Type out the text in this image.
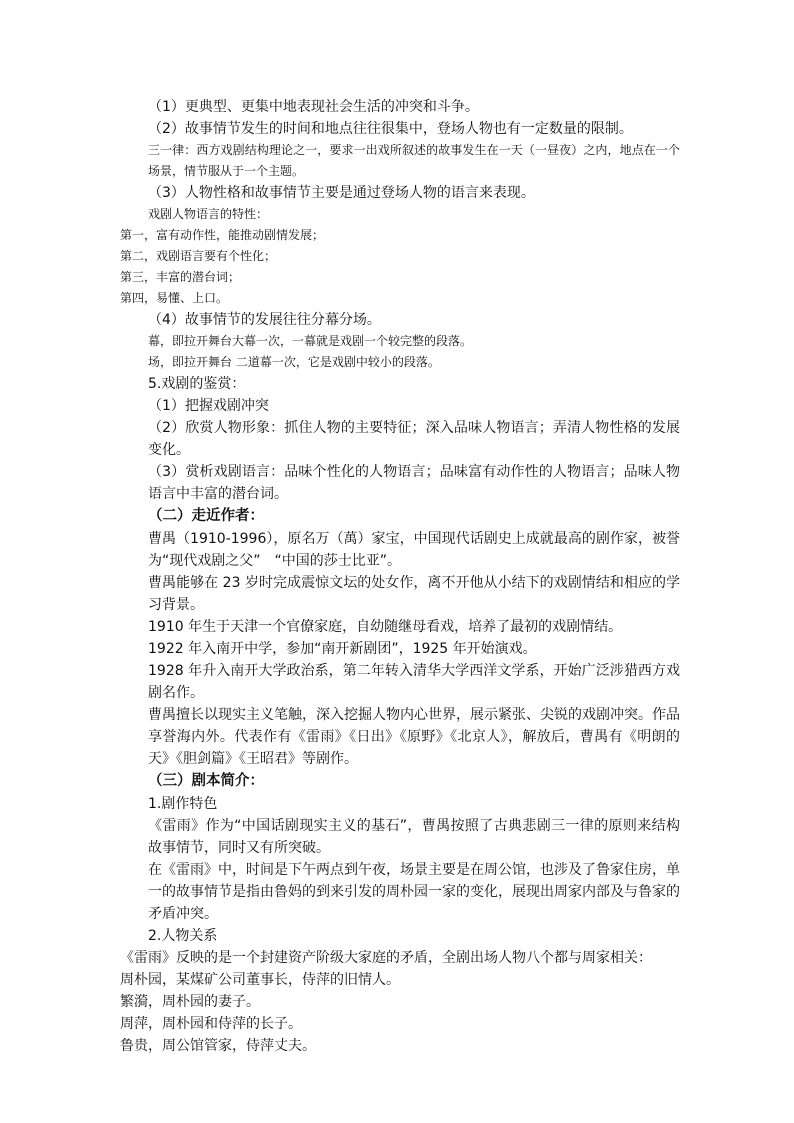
（1）更典型、更集中地表现社会生活的冲突和斗争。

（2）故事情节发生的时间和地点往往很集中，登场人物也有一定数量的限制。

三一律：西方戏剧结构理论之一，要求一出戏所叙述的故事发生在一天（一昼夜）之内，地点在一个场景，情节服从于一个主题。

（3）人物性格和故事情节主要是通过登场人物的语言来表现。

戏剧人物语言的特性：

第一，富有动作性，能推动剧情发展；

第二，戏剧语言要有个性化；

第三，丰富的潜台词；

第四，易懂、上口。

（4）故事情节的发展往往分幕分场。

幕，即拉开舞台大幕一次，一幕就是戏剧一个较完整的段落。

场，即拉开舞台 二道幕一次，它是戏剧中较小的段落。

5.戏剧的鉴赏：

（1）把握戏剧冲突

（2）欣赏人物形象：抓住人物的主要特征；深入品味人物语言；弄清人物性格的发展变化。

（3）赏析戏剧语言：品味个性化的人物语言；品味富有动作性的人物语言；品味人物语言中丰富的潜台词。

（二）走近作者：

曹禺（1910-1996），原名万（萬）家宝，中国现代话剧史上成就最高的剧作家，被誉为“现代戏剧之父”　“中国的莎士比亚”。

曹禺能够在 23 岁时完成震惊文坛的处女作，离不开他从小结下的戏剧情结和相应的学习背景。

1910 年生于天津一个官僚家庭，自幼随继母看戏，培养了最初的戏剧情结。

1922 年入南开中学，参加“南开新剧团”，1925 年开始演戏。

1928 年升入南开大学政治系，第二年转入清华大学西洋文学系，开始广泛涉猎西方戏剧名作。

曹禺擅长以现实主义笔触，深入挖掘人物内心世界，展示紧张、尖锐的戏剧冲突。作品享誉海内外。代表作有《雷雨》《日出》《原野》《北京人》，解放后，曹禺有《明朗的天》《胆剑篇》《王昭君》等剧作。

（三）剧本简介：

1.剧作特色

《雷雨》作为“中国话剧现实主义的基石”，曹禺按照了古典悲剧三一律的原则来结构故事情节，同时又有所突破。

在《雷雨》中，时间是下午两点到午夜，场景主要是在周公馆，也涉及了鲁家住房，单一的故事情节是指由鲁妈的到来引发的周朴园一家的变化，展现出周家内部及与鲁家的矛盾冲突。

2.人物关系

《雷雨》反映的是一个封建资产阶级大家庭的矛盾，全剧出场人物八个都与周家相关：

周朴园，某煤矿公司董事长，侍萍的旧情人。

繁漪，周朴园的妻子。

周萍，周朴园和侍萍的长子。

鲁贵，周公馆管家，侍萍丈夫。
